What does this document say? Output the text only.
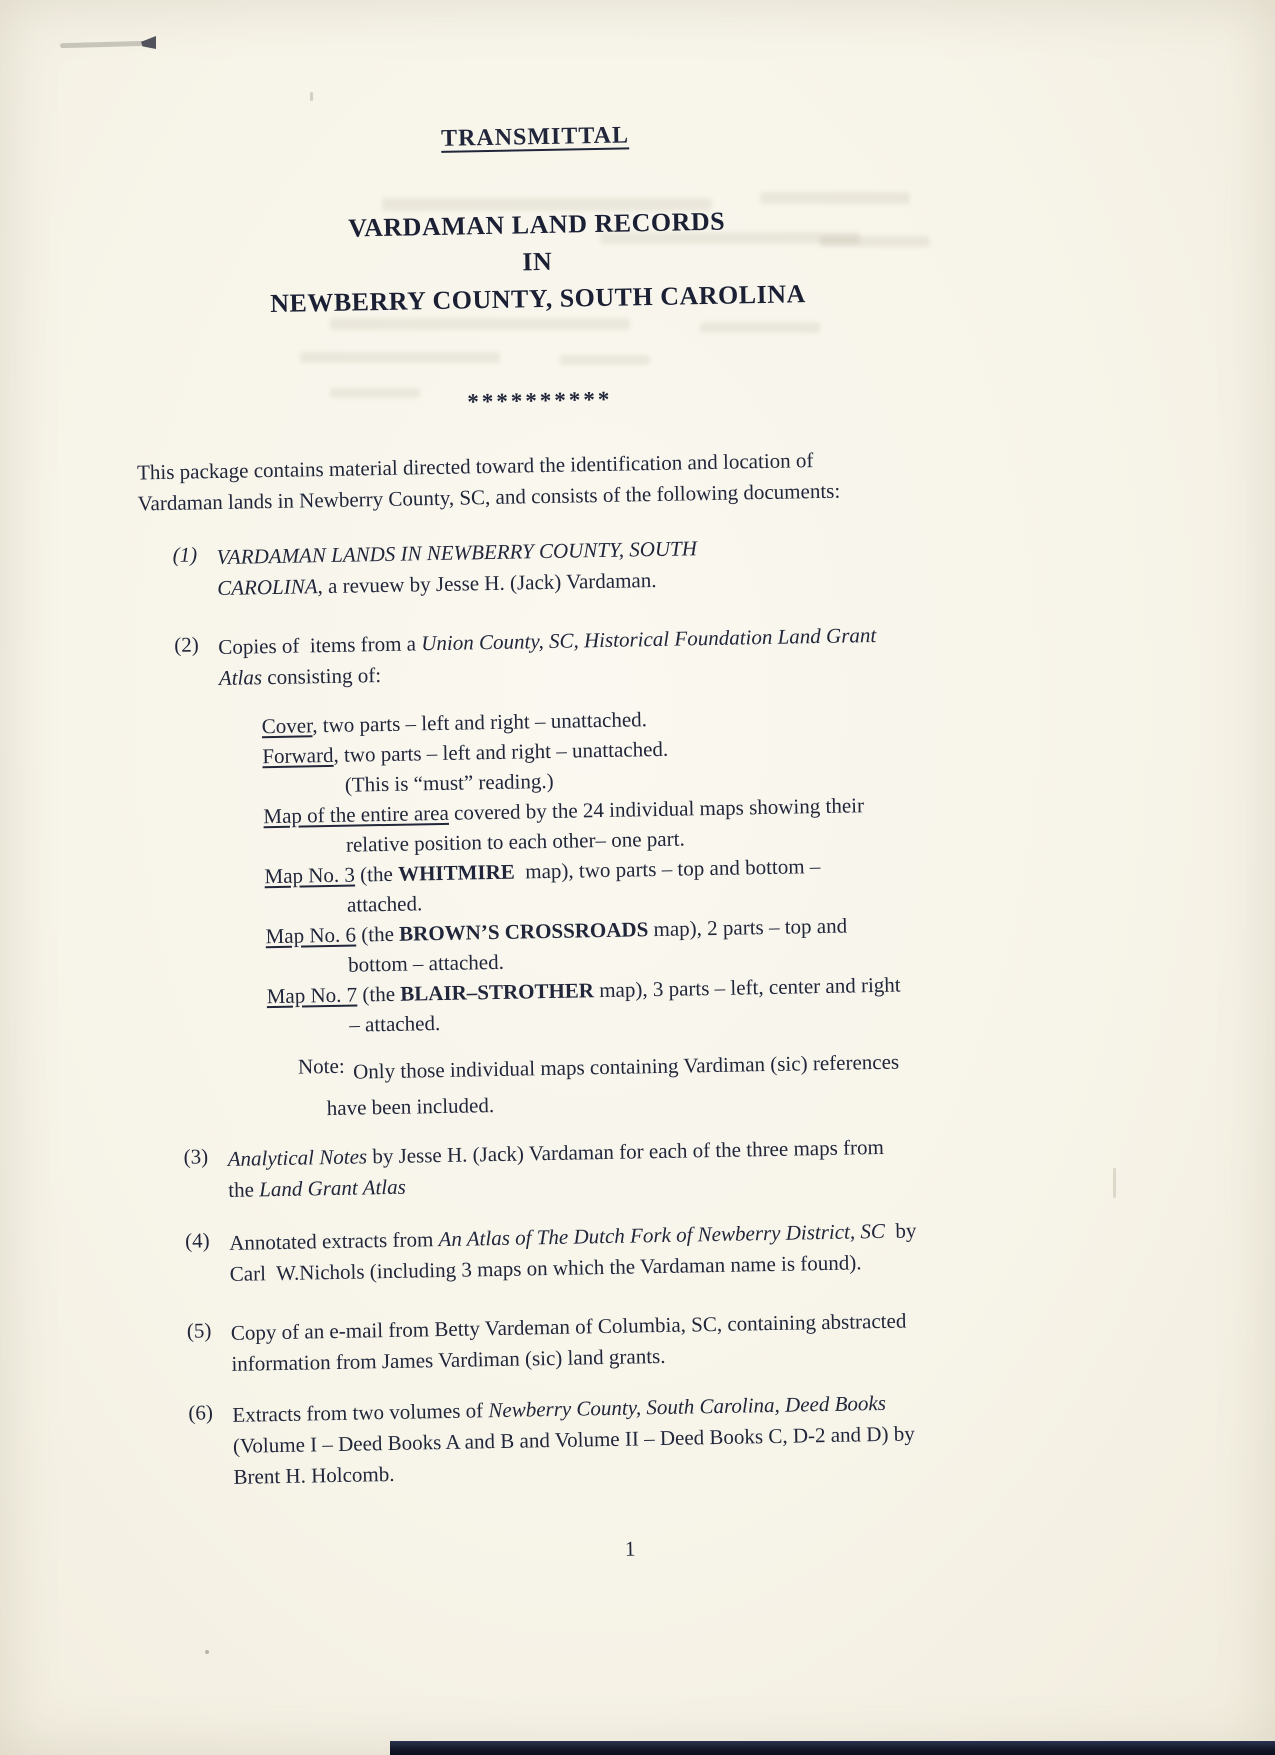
TRANSMITTAL
VARDAMAN LAND RECORDS
IN
NEWBERRY COUNTY, SOUTH CAROLINA
**********
This package contains material directed toward the identification and location of
Vardaman lands in Newberry County, SC, and consists of the following documents:
(1) VARDAMAN LANDS IN NEWBERRY COUNTY, SOUTH
CAROLINA, a revuew by Jesse H. (Jack) Vardaman.
(2) Copies of  items from a Union County, SC, Historical Foundation Land Grant
Atlas consisting of:
Cover, two parts – left and right – unattached.
Forward, two parts – left and right – unattached.
(This is “must” reading.)
Map of the entire area covered by the 24 individual maps showing their
relative position to each other– one part.
Map No. 3 (the WHITMIRE  map), two parts – top and bottom –
attached.
Map No. 6 (the BROWN’S CROSSROADS map), 2 parts – top and
bottom – attached.
Map No. 7 (the BLAIR–STROTHER map), 3 parts – left, center and right
– attached.
Note: Only those individual maps containing Vardiman (sic) references
have been included.
(3) Analytical Notes by Jesse H. (Jack) Vardaman for each of the three maps from
the Land Grant Atlas
(4) Annotated extracts from An Atlas of The Dutch Fork of Newberry District, SC  by
Carl  W.Nichols (including 3 maps on which the Vardaman name is found).
(5) Copy of an e-mail from Betty Vardeman of Columbia, SC, containing abstracted
information from James Vardiman (sic) land grants.
(6) Extracts from two volumes of Newberry County, South Carolina, Deed Books
(Volume I – Deed Books A and B and Volume II – Deed Books C, D-2 and D) by
Brent H. Holcomb.
1
